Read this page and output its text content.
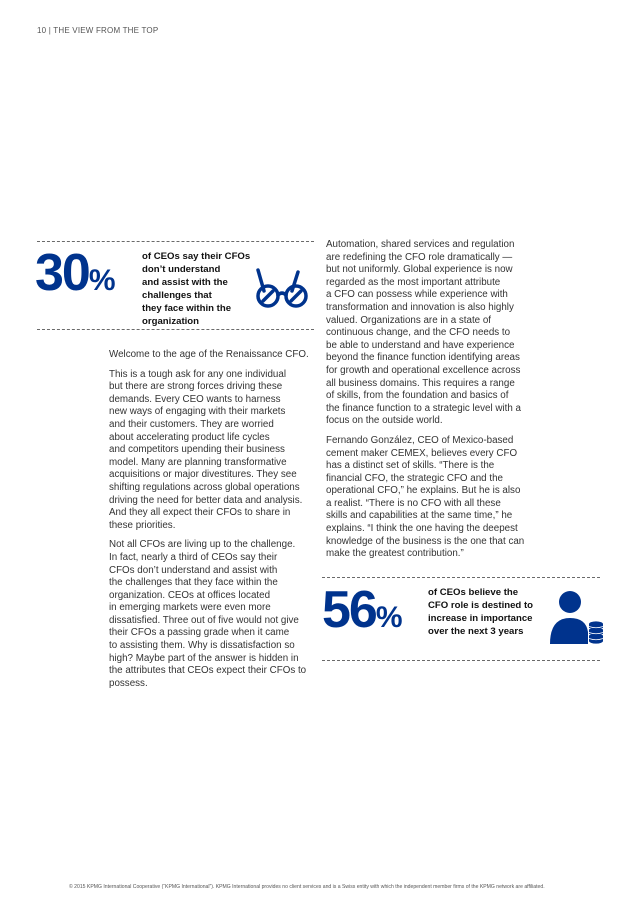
10 | THE VIEW FROM THE TOP
30%
of CEOs say their CFOs
don’t understand
and assist with the
challenges that
they face within the
organization

Welcome to the age of the Renaissance CFO.

This is a tough ask for any one individual
but there are strong forces driving these
demands. Every CEO wants to harness
new ways of engaging with their markets
and their customers. They are worried
about accelerating product life cycles
and competitors upending their business
model. Many are planning transformative
acquisitions or major divestitures. They see
shifting regulations across global operations
driving the need for better data and analysis.
And they all expect their CFOs to share in
these priorities.

Not all CFOs are living up to the challenge.
In fact, nearly a third of CEOs say their
CFOs don’t understand and assist with
the challenges that they face within the
organization. CEOs at offices located
in emerging markets were even more
dissatisfied. Three out of five would not give
their CFOs a passing grade when it came
to assisting them. Why is dissatisfaction so
high? Maybe part of the answer is hidden in
the attributes that CEOs expect their CFOs to
possess.

Automation, shared services and regulation
are redefining the CFO role dramatically —
but not uniformly. Global experience is now
regarded as the most important attribute
a CFO can possess while experience with
transformation and innovation is also highly
valued. Organizations are in a state of
continuous change, and the CFO needs to
be able to understand and have experience
beyond the finance function identifying areas
for growth and operational excellence across
all business domains. This requires a range
of skills, from the foundation and basics of
the finance function to a strategic level with a
focus on the outside world.

Fernando González, CEO of Mexico-based
cement maker CEMEX, believes every CFO
has a distinct set of skills. “There is the
financial CFO, the strategic CFO and the
operational CFO,” he explains. But he is also
a realist. “There is no CFO with all these
skills and capabilities at the same time,” he
explains. “I think the one having the deepest
knowledge of the business is the one that can
make the greatest contribution.”

56%
of CEOs believe the
CFO role is destined to
increase in importance
over the next 3 years
© 2015 KPMG International Cooperative (“KPMG International”). KPMG International provides no client services and is a Swiss entity with which the independent member firms of the KPMG network are affiliated.
